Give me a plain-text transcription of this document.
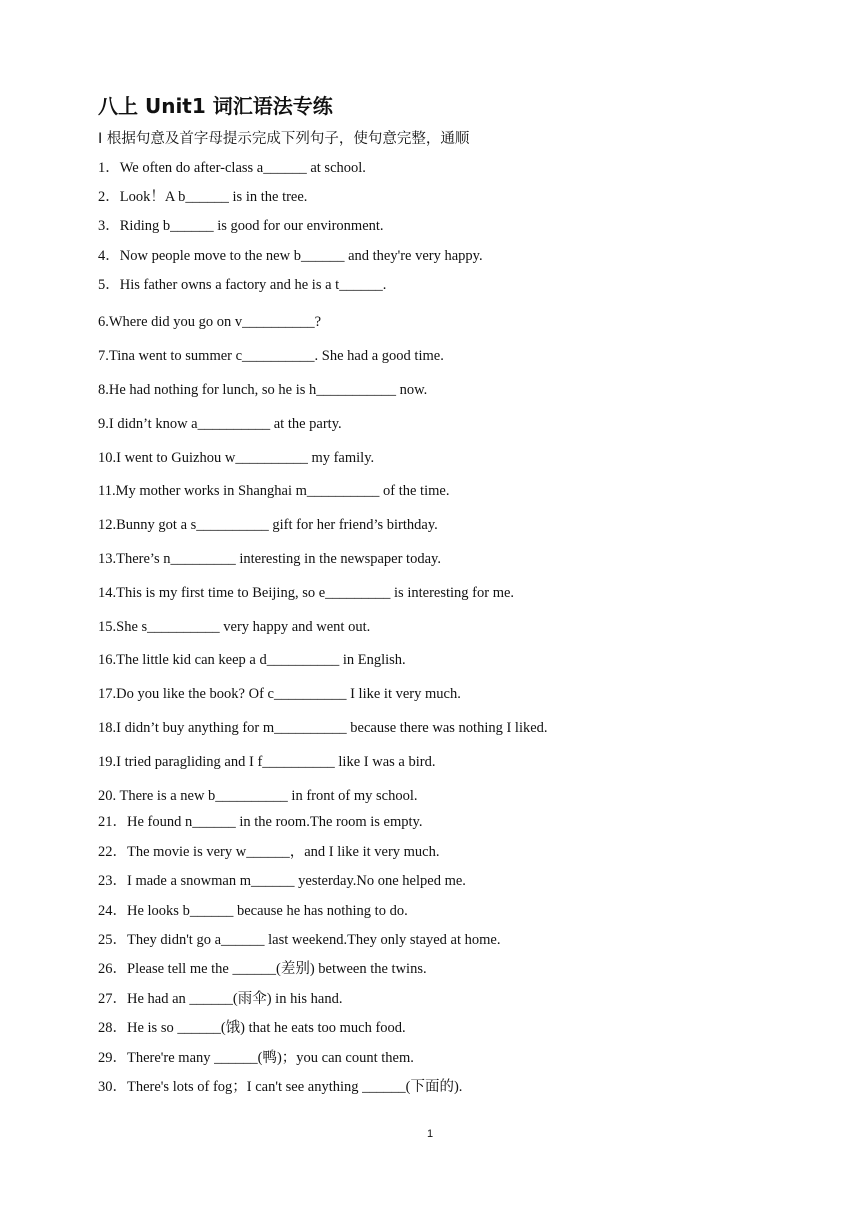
八上 Unit1 词汇语法专练
I 根据句意及首字母提示完成下列句子，使句意完整，通顺
1．We often do after-class a______ at school.
2．Look！A b______ is in the tree.
3．Riding b______ is good for our environment.
4．Now people move to the new b______ and they're very happy.
5．His father owns a factory and he is a t______.
6.Where did you go on v__________?
7.Tina went to summer c__________. She had a good time.
8.He had nothing for lunch, so he is h___________ now.
9.I didn’t know a__________ at the party.
10.I went to Guizhou w__________ my family.
11.My mother works in Shanghai m__________ of the time.
12.Bunny got a s__________ gift for her friend’s birthday.
13.There’s n_________ interesting in the newspaper today.
14.This is my first time to Beijing, so e_________ is interesting for me.
15.She s__________ very happy and went out.
16.The little kid can keep a d__________ in English.
17.Do you like the book? Of c__________ I like it very much.
18.I didn’t buy anything for m__________ because there was nothing I liked.
19.I tried paragliding and I f__________ like I was a bird.
20. There is a new b__________ in front of my school.
21．He found n______ in the room.The room is empty.
22．The movie is very w______，and I like it very much.
23．I made a snowman m______ yesterday.No one helped me.
24．He looks b______ because he has nothing to do.
25．They didn't go a______ last weekend.They only stayed at home.
26．Please tell me the ______(差别) between the twins.
27．He had an ______(雨伞) in his hand.
28．He is so ______(饿) that he eats too much food.
29．There're many ______(鸭)；you can count them.
30．There's lots of fog；I can't see anything ______(下面的).
1
